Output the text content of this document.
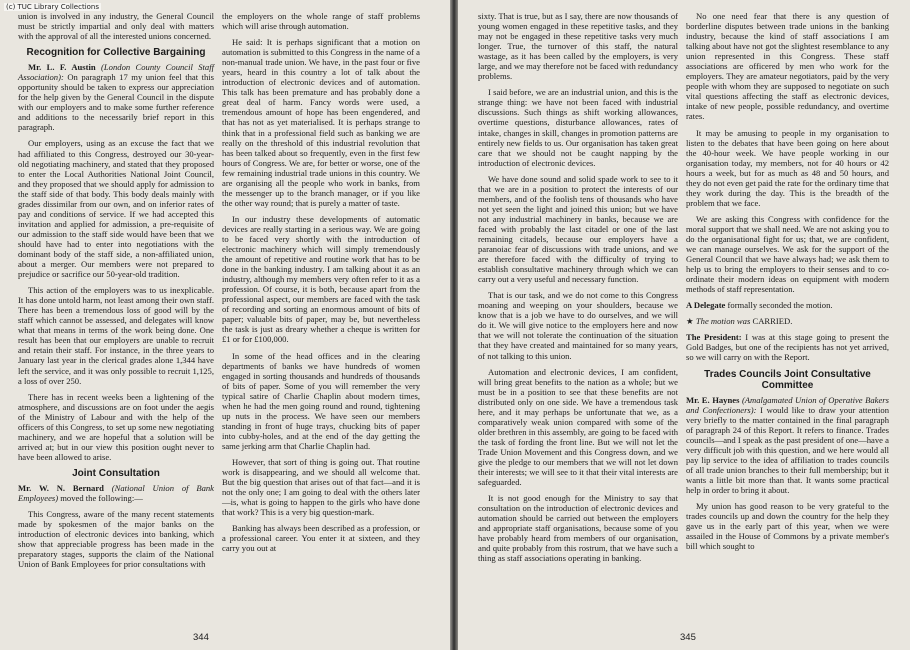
(c) TUC Library Collections

union is involved in any industry, the General Council must be strictly impartial and only deal with matters with the approval of all the interested unions concerned.

Recognition for Collective Bargaining

Mr. L. F. Austin (London County Council Staff Association): On paragraph 17 my union feel that this opportunity should be taken to express our appreciation for the help given by the General Council in the dispute with our employers and to make some further reference and additions to the necessarily brief report in this paragraph.

Our employers, using as an excuse the fact that we had affiliated to this Congress, destroyed our 30-year-old negotiating machinery, and stated that they proposed to enter the Local Authorities National Joint Council, and they proposed that we should apply for admission to the staff side of that body. This body deals mainly with grades dissimilar from our own, and on inferior rates of pay and conditions of service. If we had accepted this invitation and applied for admission, a pre-requisite of our admission to the staff side would have been that we should have had to enter into negotiations with the dominant body of the staff side, a non-affiliated union, about a merger. Our members were not prepared to prejudice or sacrifice our 50-year-old tradition.

This action of the employers was to us inexplicable. It has done untold harm, not least among their own staff. There has been a tremendous loss of good will by the staff which cannot be assessed, and delegates will know what that means in terms of the work being done. One result has been that our employers are unable to recruit and retain their staff. For instance, in the three years to January last year in the clerical grades alone 1,344 have left the service, and it was only possible to recruit 1,125, a loss of over 250.

There has in recent weeks been a lightening of the atmosphere, and discussions are on foot under the aegis of the Ministry of Labour and with the help of the officers of this Congress, to set up some new negotiating machinery, and we are hopeful that a solution will be arrived at; but in our view this position ought never to have been allowed to arise.

Joint Consultation

Mr. W. N. Bernard (National Union of Bank Employees) moved the following:—

This Congress, aware of the many recent statements made by spokesmen of the major banks on the introduction of electronic devices into banking, which show that appreciable progress has been made in the preparatory stages, supports the claim of the National Union of Bank Employees for prior consultations with

the employers on the whole range of staff problems which will arise through automation.

He said: It is perhaps significant that a motion on automation is submitted to this Congress in the name of a non-manual trade union. We have, in the past four or five years, heard in this country a lot of talk about the introduction of electronic devices and of automation. This talk has been premature and has probably done a great deal of harm. Fancy words were used, a tremendous amount of hope has been engendered, and that has not as yet materialised. It is perhaps strange to think that in a professional field such as banking we are really on the threshold of this industrial revolution that has been talked about so frequently, even in the first few hours of Congress. We are, for better or worse, one of the few remaining industrial trade unions in this country. We are organising all the people who work in banks, from the messenger up to the branch manager, or if you like the other way round; that is purely a matter of taste.

In our industry these developments of automatic devices are really starting in a serious way. We are going to be faced very shortly with the introduction of electronic machinery which will simply tremendously the amount of repetitive and routine work that has to be done in the banking industry. I am talking about it as an industry, although my members very often refer to it as a profession. Of course, it is both, because apart from the professional aspect, our members are faced with the task of recording and sorting an enormous amount of bits of paper; valuable bits of paper, may be, but nevertheless the task is just as dreary whether a cheque is written for £1 or for £100,000.

In some of the head offices and in the clearing departments of banks we have hundreds of women engaged in sorting thousands and hundreds of thousands of bits of paper. Some of you will remember the very typical satire of Charlie Chaplin about modern times, when he had the men going round and round, tightening up nuts in the process. We have seen our members standing in front of huge trays, chucking bits of paper into cubby-holes, and at the end of the day getting the same jerking arm that Charlie Chaplin had.

However, that sort of thing is going out. That routine work is disappearing, and we should all welcome that. But the big question that arises out of that fact—and it is not the only one; I am going to deal with the others later—is, what is going to happen to the girls who have done that work? This is a very big question-mark.

Banking has always been described as a profession, or a professional career. You enter it at sixteen, and they carry you out at

344

sixty. That is true, but as I say, there are now thousands of young women engaged in these repetitive tasks, and they may not be engaged in these repetitive tasks very much longer. True, the turnover of this staff, the natural wastage, as it has been called by the employers, is very large, and we may therefore not be faced with redundancy problems.

I said before, we are an industrial union, and this is the strange thing: we have not been faced with industrial discussions. Such things as shift working allowances, overtime questions, disturbance allowances, rates of intake, changes in skill, changes in promotion patterns are entirely new fields to us. Our organisation has taken great care that we should not be caught napping by the introduction of electronic devices.

We have done sound and solid spade work to see to it that we are in a position to protect the interests of our members, and of the foolish tens of thousands who have not yet seen the light and joined this union; but we have not any industrial machinery in banks, because we are faced with probably the last citadel or one of the last remaining citadels, because our employers have a paranoiac fear of discussions with trade unions, and we are therefore faced with the difficulty of trying to establish consultative machinery through which we can carry out a very useful and necessary function.

That is our task, and we do not come to this Congress moaning and weeping on your shoulders, because we know that is a job we have to do ourselves, and we will do it. We will give notice to the employers here and now that we will not tolerate the continuation of the situation that they have created and maintained for so many years, of not talking to this union.

Automation and electronic devices, I am confident, will bring great benefits to the nation as a whole; but we must be in a position to see that these benefits are not distributed only on one side. We have a tremendous task here, and it may perhaps be unfortunate that we, as a comparatively weak union compared with some of the older brethren in this assembly, are going to be faced with the task of fording the front line. But we will not let the Trade Union Movement and this Congress down, and we give the pledge to our members that we will not let down their interests; we will see to it that their vital interests are safeguarded.

It is not good enough for the Ministry to say that consultation on the introduction of electronic devices and automation should be carried out between the employers and appropriate staff organisations, because some of you have probably heard from members of our organisation, and quite probably from this rostrum, that we have such a thing as staff associations operating in banking.

No one need fear that there is any question of borderline disputes between trade unions in the banking industry, because the kind of staff associations I am talking about have not got the slightest resemblance to any union represented in this Congress. These staff associations are officered by men who work for the employers. They are amateur negotiators, paid by the very people with whom they are supposed to negotiate on such vital questions affecting the staff as electronic devices, intake of new people, possible redundancy, and overtime rates.

It may be amusing to people in my organisation to listen to the debates that have been going on here about the 40-hour week. We have people working in our organisation today, my members, not for 40 hours or 42 hours a week, but for as much as 48 and 50 hours, and they do not even get paid the rate for the ordinary time that they work during the day. This is the breadth of the problem that we face.

We are asking this Congress with confidence for the moral support that we shall need. We are not asking you to do the organisational fight for us; that, we are confident, we can manage ourselves. We ask for the support of the General Council that we have always had; we ask them to help us to bring the employers to their senses and to co-ordinate their modern ideas on equipment with modern methods of staff representation.

A Delegate formally seconded the motion.

★ The motion was CARRIED.

The President: I was at this stage going to present the Gold Badges, but one of the recipients has not yet arrived, so we will carry on with the Report.

Trades Councils Joint Consultative Committee

Mr. E. Haynes (Amalgamated Union of Operative Bakers and Confectioners): I would like to draw your attention very briefly to the matter contained in the final paragraph of paragraph 24 of this Report. It refers to finance. Trades councils—and I speak as the past president of one—have a very difficult job with this question, and we here would all pay lip service to the idea of affiliation to trades councils of all trade union branches to their full membership; but it wants a little bit more than that. It wants some practical help in order to bring it about.

My union has good reason to be very grateful to the trades councils up and down the country for the help they gave us in the early part of this year, when we were assailed in the House of Commons by a private member's bill which sought to

345
